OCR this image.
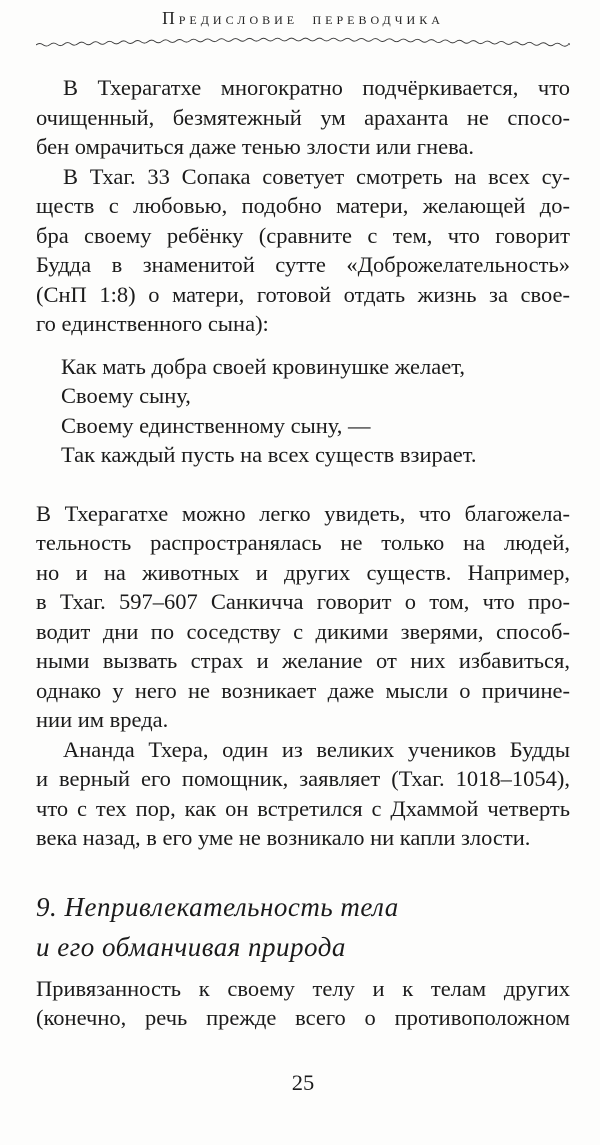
Предисловие переводчика
В Тхерагатхе многократно подчёркивается, что
очищенный, безмятежный ум араханта не спосо-
бен омрачиться даже тенью злости или гнева.
В Тхаг. 33 Сопака советует смотреть на всех су-
ществ с любовью, подобно матери, желающей до-
бра своему ребёнку (сравните с тем, что говорит
Будда в знаменитой сутте «Доброжелательность»
(СнП 1:8) о матери, готовой отдать жизнь за свое-
го единственного сына):
Как мать добра своей кровинушке желает,
Своему сыну,
Своему единственному сыну, —
Так каждый пусть на всех существ взирает.
В Тхерагатхе можно легко увидеть, что благожела-
тельность распространялась не только на людей,
но и на животных и других существ. Например,
в Тхаг. 597–607 Санкичча говорит о том, что про-
водит дни по соседству с дикими зверями, способ-
ными вызвать страх и желание от них избавиться,
однако у него не возникает даже мысли о причине-
нии им вреда.
Ананда Тхера, один из великих учеников Будды
и верный его помощник, заявляет (Тхаг. 1018–1054),
что с тех пор, как он встретился с Дхаммой четверть
века назад, в его уме не возникало ни капли злости.
9. Непривлекательность тела
и его обманчивая природа
Привязанность к своему телу и к телам других
(конечно, речь прежде всего о противоположном
25
